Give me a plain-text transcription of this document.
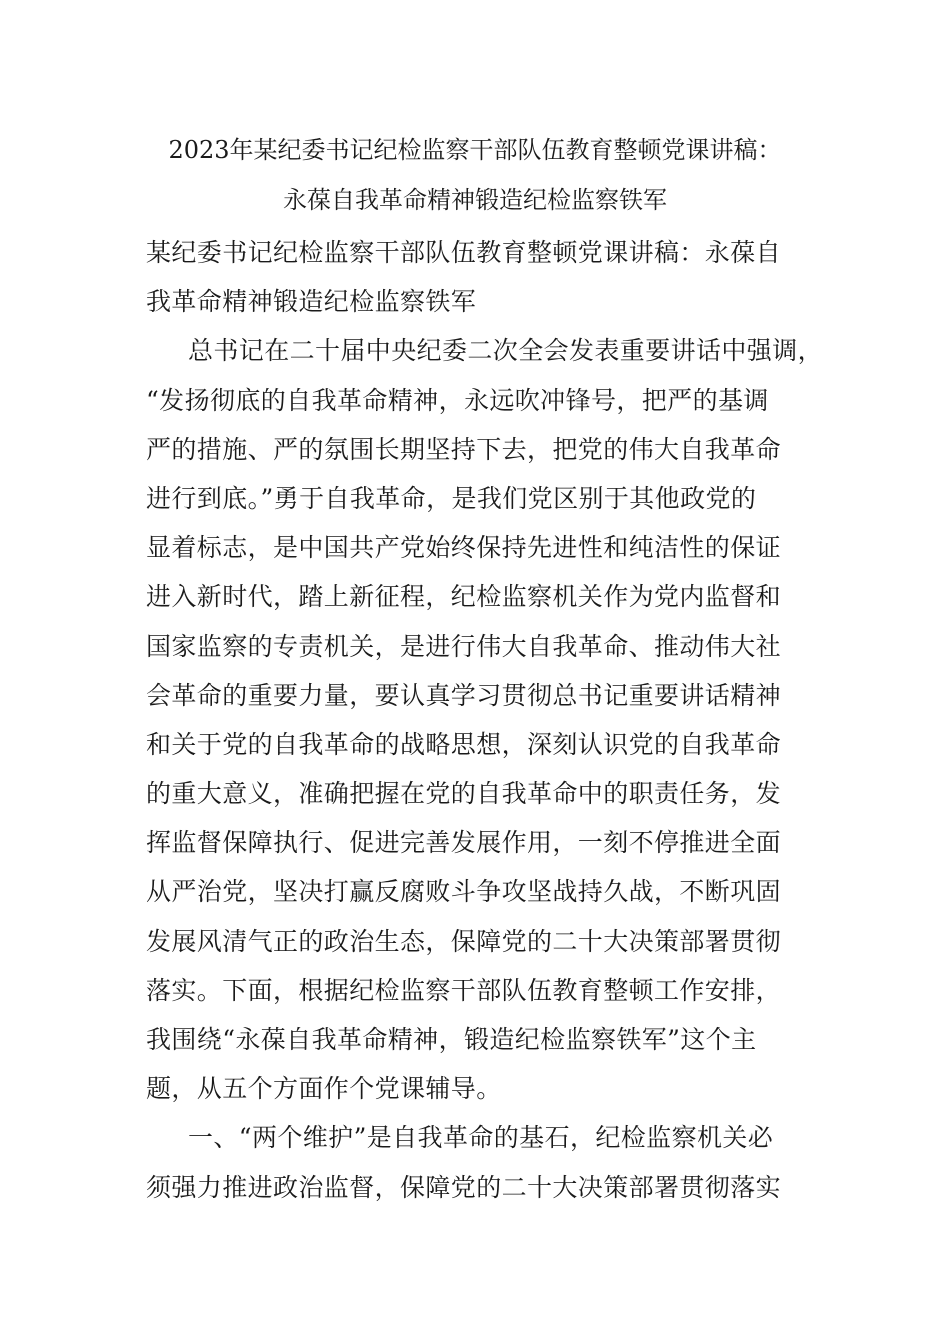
2023年某纪委书记纪检监察干部队伍教育整顿党课讲稿：
永葆自我革命精神锻造纪检监察铁军
某纪委书记纪检监察干部队伍教育整顿党课讲稿：永葆自
我革命精神锻造纪检监察铁军
总书记在二十届中央纪委二次全会发表重要讲话中强调，
“发扬彻底的自我革命精神，永远吹冲锋号，把严的基调
严的措施、严的氛围长期坚持下去，把党的伟大自我革命
进行到底。”勇于自我革命，是我们党区别于其他政党的
显着标志，是中国共产党始终保持先进性和纯洁性的保证
进入新时代，踏上新征程，纪检监察机关作为党内监督和
国家监察的专责机关，是进行伟大自我革命、推动伟大社
会革命的重要力量，要认真学习贯彻总书记重要讲话精神
和关于党的自我革命的战略思想，深刻认识党的自我革命
的重大意义，准确把握在党的自我革命中的职责任务，发
挥监督保障执行、促进完善发展作用，一刻不停推进全面
从严治党，坚决打赢反腐败斗争攻坚战持久战，不断巩固
发展风清气正的政治生态，保障党的二十大决策部署贯彻
落实。下面，根据纪检监察干部队伍教育整顿工作安排，
我围绕“永葆自我革命精神，锻造纪检监察铁军”这个主
题，从五个方面作个党课辅导。
一、“两个维护”是自我革命的基石，纪检监察机关必
须强力推进政治监督，保障党的二十大决策部署贯彻落实
